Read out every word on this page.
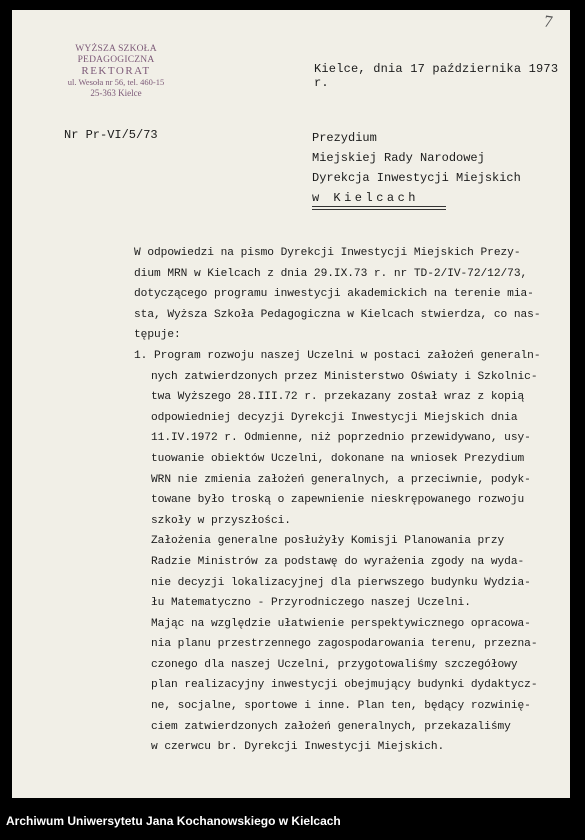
7
WYŻSZA SZKOŁA PEDAGOGICZNA
REKTORAT
ul. Wesoła nr 56, tel. 460-15
25-363 Kielce
Kielce, dnia 17 października 1973 r.
Nr Pr-VI/5/73	Prezydium
Miejskiej Rady Narodowej
Dyrekcja Inwestycji Miejskich
w Kielcach
W odpowiedzi na pismo Dyrekcji Inwestycji Miejskich Prezy-
dium MRN w Kielcach z dnia 29.IX.73 r. nr TD-2/IV-72/12/73,
dotyczącego programu inwestycji akademickich na terenie mia-
sta, Wyższa Szkoła Pedagogiczna w Kielcach stwierdza, co nas-
tępuje:
1. Program rozwoju naszej Uczelni w postaci założeń generaln-
nych zatwierdzonych przez Ministerstwo Oświaty i Szkolnic-
twa Wyższego 28.III.72 r. przekazany został wraz z kopią
odpowiedniej decyzji Dyrekcji Inwestycji Miejskich dnia
11.IV.1972 r. Odmienne, niż poprzednio przewidywano, usy-
tuowanie obiektów Uczelni, dokonane na wniosek Prezydium
WRN nie zmienia założeń generalnych, a przeciwnie, podyk-
towane było troską o zapewnienie nieskrępowanego rozwoju
szkoły w przyszłości.
Założenia generalne posłużyły Komisji Planowania przy
Radzie Ministrów za podstawę do wyrażenia zgody na wyda-
nie decyzji lokalizacyjnej dla pierwszego budynku Wydzia-
łu Matematyczno - Przyrodniczego naszej Uczelni.
Mając na względzie ułatwienie perspektywicznego opracowa-
nia planu przestrzennego zagospodarowania terenu, przezna-
czonego dla naszej Uczelni, przygotowaliśmy szczegółowy
plan realizacyjny inwestycji obejmujący budynki dydaktycz-
ne, socjalne, sportowe i inne. Plan ten, będący rozwinię-
ciem zatwierdzonych założeń generalnych, przekazaliśmy
w czerwcu br. Dyrekcji Inwestycji Miejskich.
Archiwum Uniwersytetu Jana Kochanowskiego w Kielcach
